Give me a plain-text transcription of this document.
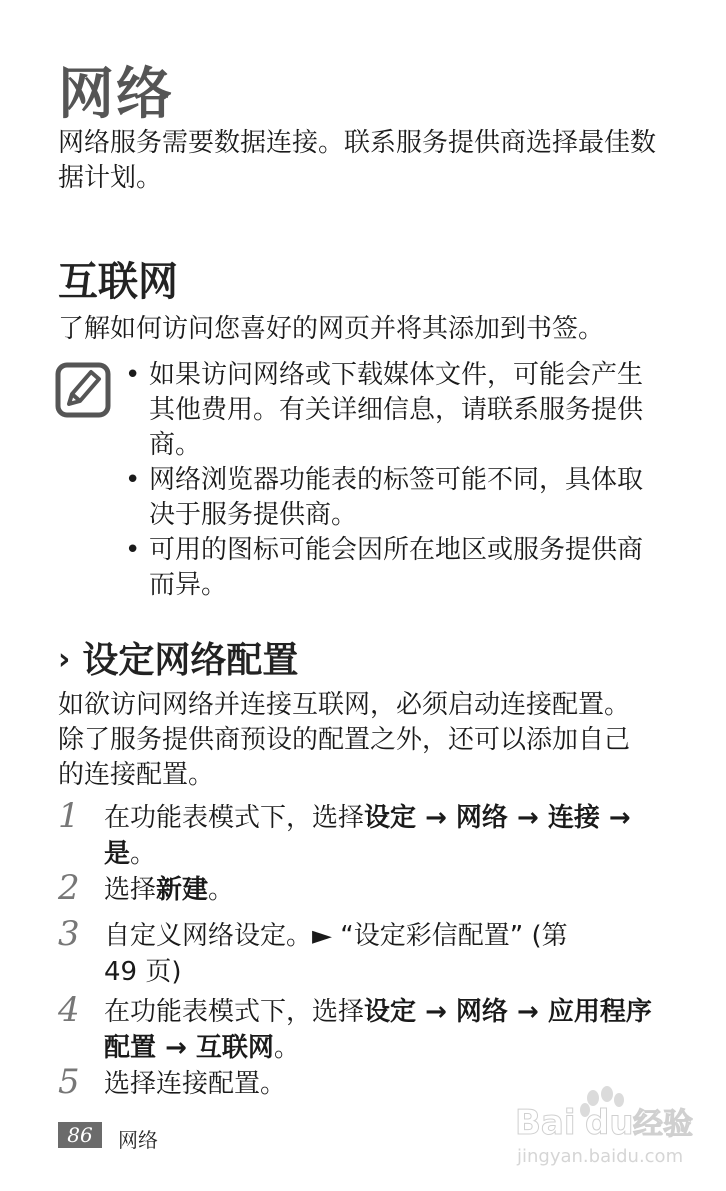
网络
网络服务需要数据连接。联系服务提供商选择最佳数据计划。
互联网
了解如何访问您喜好的网页并将其添加到书签。
• 如果访问网络或下载媒体文件，可能会产生其他费用。有关详细信息，请联系服务提供商。
• 网络浏览器功能表的标签可能不同，具体取决于服务提供商。
• 可用的图标可能会因所在地区或服务提供商而异。
› 设定网络配置
如欲访问网络并连接互联网，必须启动连接配置。除了服务提供商预设的配置之外，还可以添加自己的连接配置。
1 在功能表模式下，选择设定 → 网络 → 连接 → 是。
2 选择新建。
3 自定义网络设定。► “设定彩信配置” (第 49 页)
4 在功能表模式下，选择设定 → 网络 → 应用程序配置 → 互联网。
5 选择连接配置。
86	网络	Bai du 经验
jingyan.baidu.com
